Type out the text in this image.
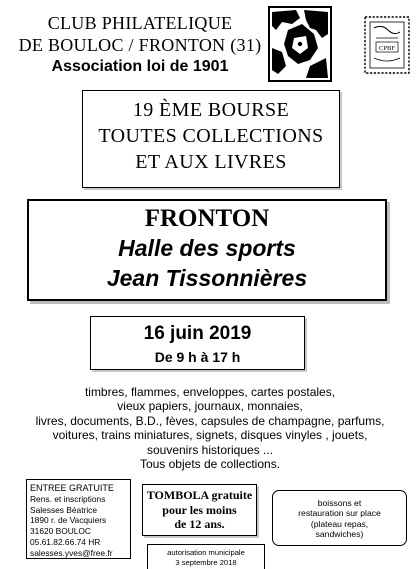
CLUB PHILATELIQUE
DE BOULOC / FRONTON (31)
Association loi de 1901
CPBF
19 ÈME BOURSE
TOUTES COLLECTIONS
ET AUX LIVRES
FRONTON
Halle des sports
Jean Tissonnières
16 juin 2019
De 9 h à 17 h
timbres, flammes, enveloppes, cartes postales,
vieux papiers, journaux, monnaies,
livres, documents, B.D., fèves, capsules de champagne, parfums,
voitures, trains miniatures, signets, disques vinyles , jouets,
souvenirs historiques ...
Tous objets de collections.
ENTREE GRATUITE
Rens. et inscriptions
Salesses Béatrice
1890 r. de Vacquiers
31620 BOULOC
05.61.82.66.74 HR
salesses.yves@free.fr
TOMBOLA gratuite
pour les moins
de 12 ans.
boissons et
restauration sur place
(plateau repas,
sandwiches)
autorisation municipale
3 septembre 2018
